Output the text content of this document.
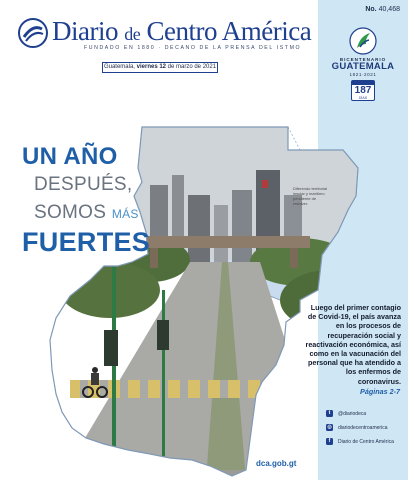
Diario de Centro América
FUNDADO EN 1880 · DECANO DE LA PRENSA DEL ISTMO
Guatemala, viernes 12 de marzo de 2021
No. 40,468
BICENTENARIO
GUATEMALA
1821·2021
187
DÍAS
Diferendo territorial insular y marítimo pendiente de resolver.
UN AÑO
DESPUÉS,
SOMOS MÁS
FUERTES
Luego del primer contagio de Covid-19, el país avanza en los procesos de recuperación social y reactivación económica, así como en la vacunación del personal que ha atendido a los enfermos de coronavirus.
Páginas 2-7
t	@diariodeca
◎ diariodecentroamerica
f	Diario de Centro América
dca.gob.gt
